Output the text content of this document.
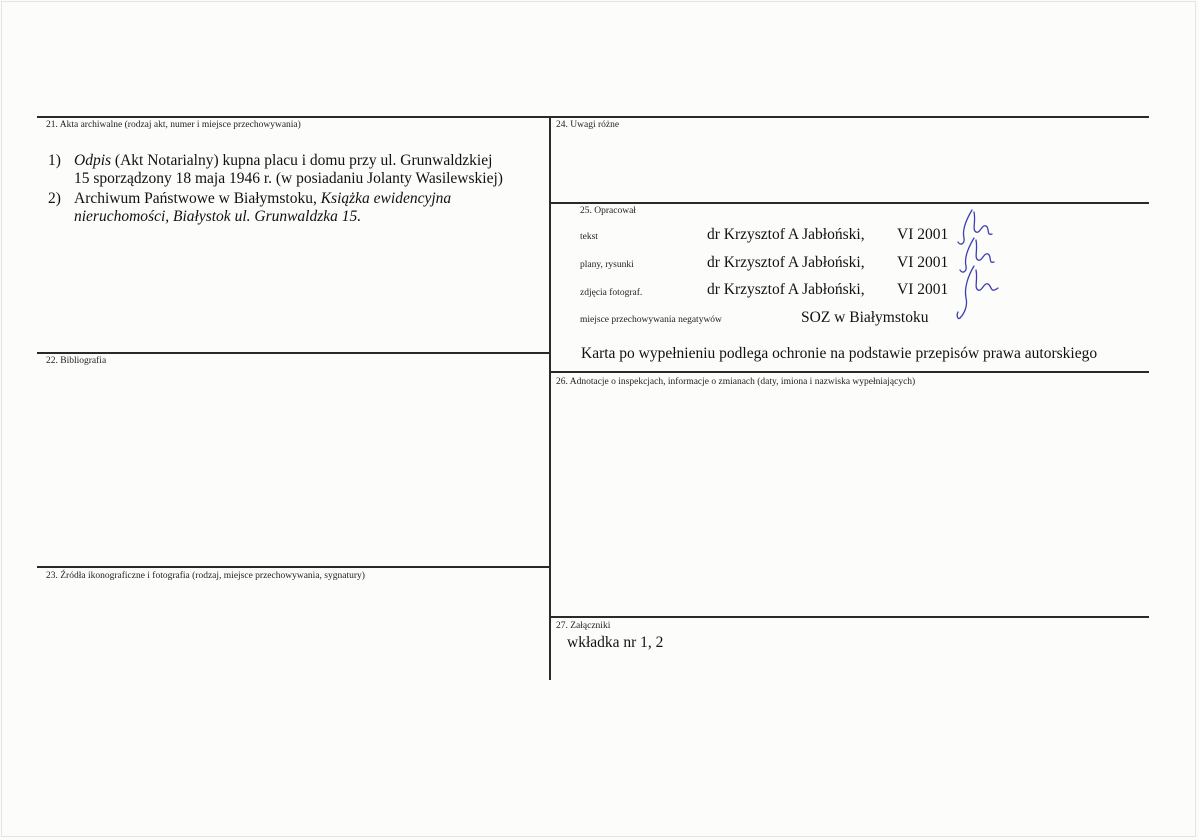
21. Akta archiwalne (rodzaj akt, numer i miejsce przechowywania)
1) Odpis (Akt Notarialny) kupna placu i domu przy ul. Grunwaldzkiej
15 sporządzony 18 maja 1946 r. (w posiadaniu Jolanty Wasilewskiej)
2) Archiwum Państwowe w Białymstoku, Książka ewidencyjna
nieruchomości, Białystok ul. Grunwaldzka 15.
22. Bibliografia
23. Źródła ikonograficzne i fotografia (rodzaj, miejsce przechowywania, sygnatury)
24. Uwagi różne
25. Opracował
tekst	dr Krzysztof A Jabłoński, VI 2001
plany, rysunki	dr Krzysztof A Jabłoński, VI 2001
zdjęcia fotograf.	dr Krzysztof A Jabłoński, VI 2001
miejsce przechowywania negatywów	SOZ w Białymstoku
Karta po wypełnieniu podlega ochronie na podstawie przepisów prawa autorskiego
26. Adnotacje o inspekcjach, informacje o zmianach (daty, imiona i nazwiska wypełniających)
27. Załączniki
wkładka nr 1, 2
